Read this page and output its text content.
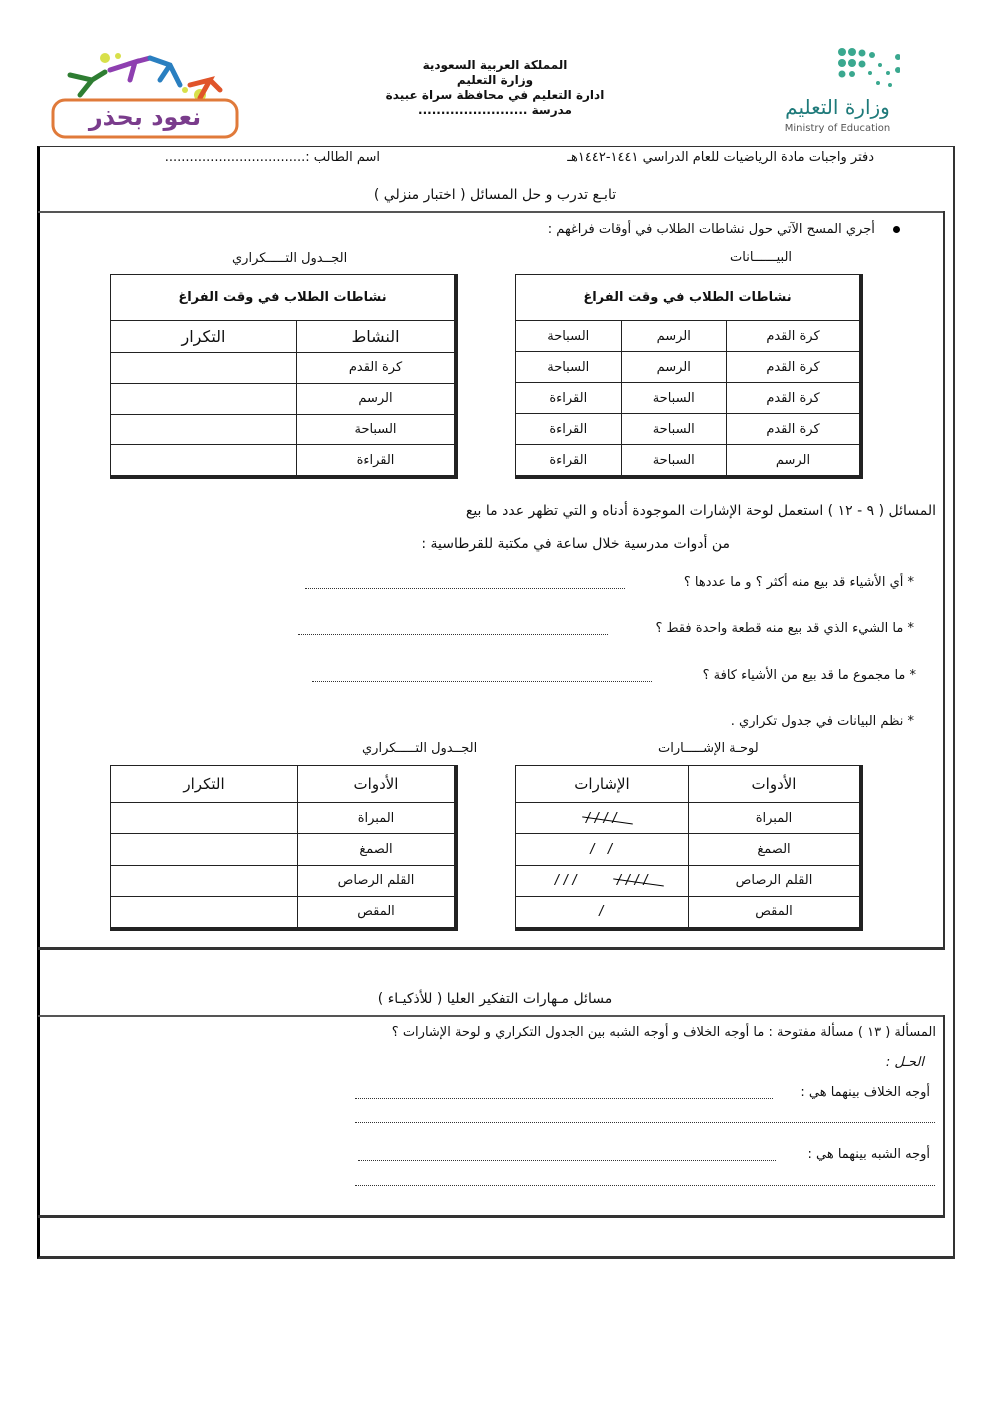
نعود بحذر
المملكة العربية السعودية
وزارة التعليم
ادارة التعليم في محافظة سراة عبيدة
مدرسة ........................	وزارة التعليم
Ministry of Education
دفتر واجبات مادة الرياضيات للعام الدراسي ١٤٤١-١٤٤٢هـ
اسم الطالب :..................................
تابـع تدرب و حل المسائل ( اختبار منزلي )
أجري المسح الآتي حول نشاطات الطلاب في أوقات فراغهم :
البيــــــانات
الجــدول التـــــكراري
نشاطات الطلاب في وقت الفراغ		
كرة القدم	الرسم	السباحة
كرة القدم	الرسم	السباحة
كرة القدم	السباحة	القراءة
كرة القدم	السباحة	القراءة
الرسم	السباحة	القراءة
نشاطات الطلاب في وقت الفراغ	
النشاط	التكرار
كرة القدم	
الرسم	
السباحة	
القراءة	
المسائل ( ٩ - ١٢ ) استعمل لوحة الإشارات الموجودة أدناه و التي تظهر عدد ما بيع
من أدوات مدرسية خلال ساعة في مكتبة للقرطاسية :
* أي الأشياء قد بيع منه أكثر ؟ و ما عددها ؟
* ما الشيء الذي قد بيع منه قطعة واحدة فقط ؟
* ما مجموع ما قد بيع من الأشياء كافة ؟
* نظم البيانات في جدول تكراري .
لوحـة الإشـــــارات
الجــدول التـــــكراري
الأدوات	الإشارات
المبراة	////
الصمغ	/ /
القلم الرصاص	/// ////
المقص	/
الأدوات	التكرار
المبراة	
الصمغ	
القلم الرصاص	
المقص	
مسائل مـهارات التفكير العليا ( للأذكيـاء )
المسألة ( ١٣ ) مسألة مفتوحة : ما أوجه الخلاف و أوجه الشبه بين الجدول التكراري و لوحة الإشارات ؟
الحـل :
أوجه الخلاف بينهما هي :
أوجه الشبه بينهما هي :
